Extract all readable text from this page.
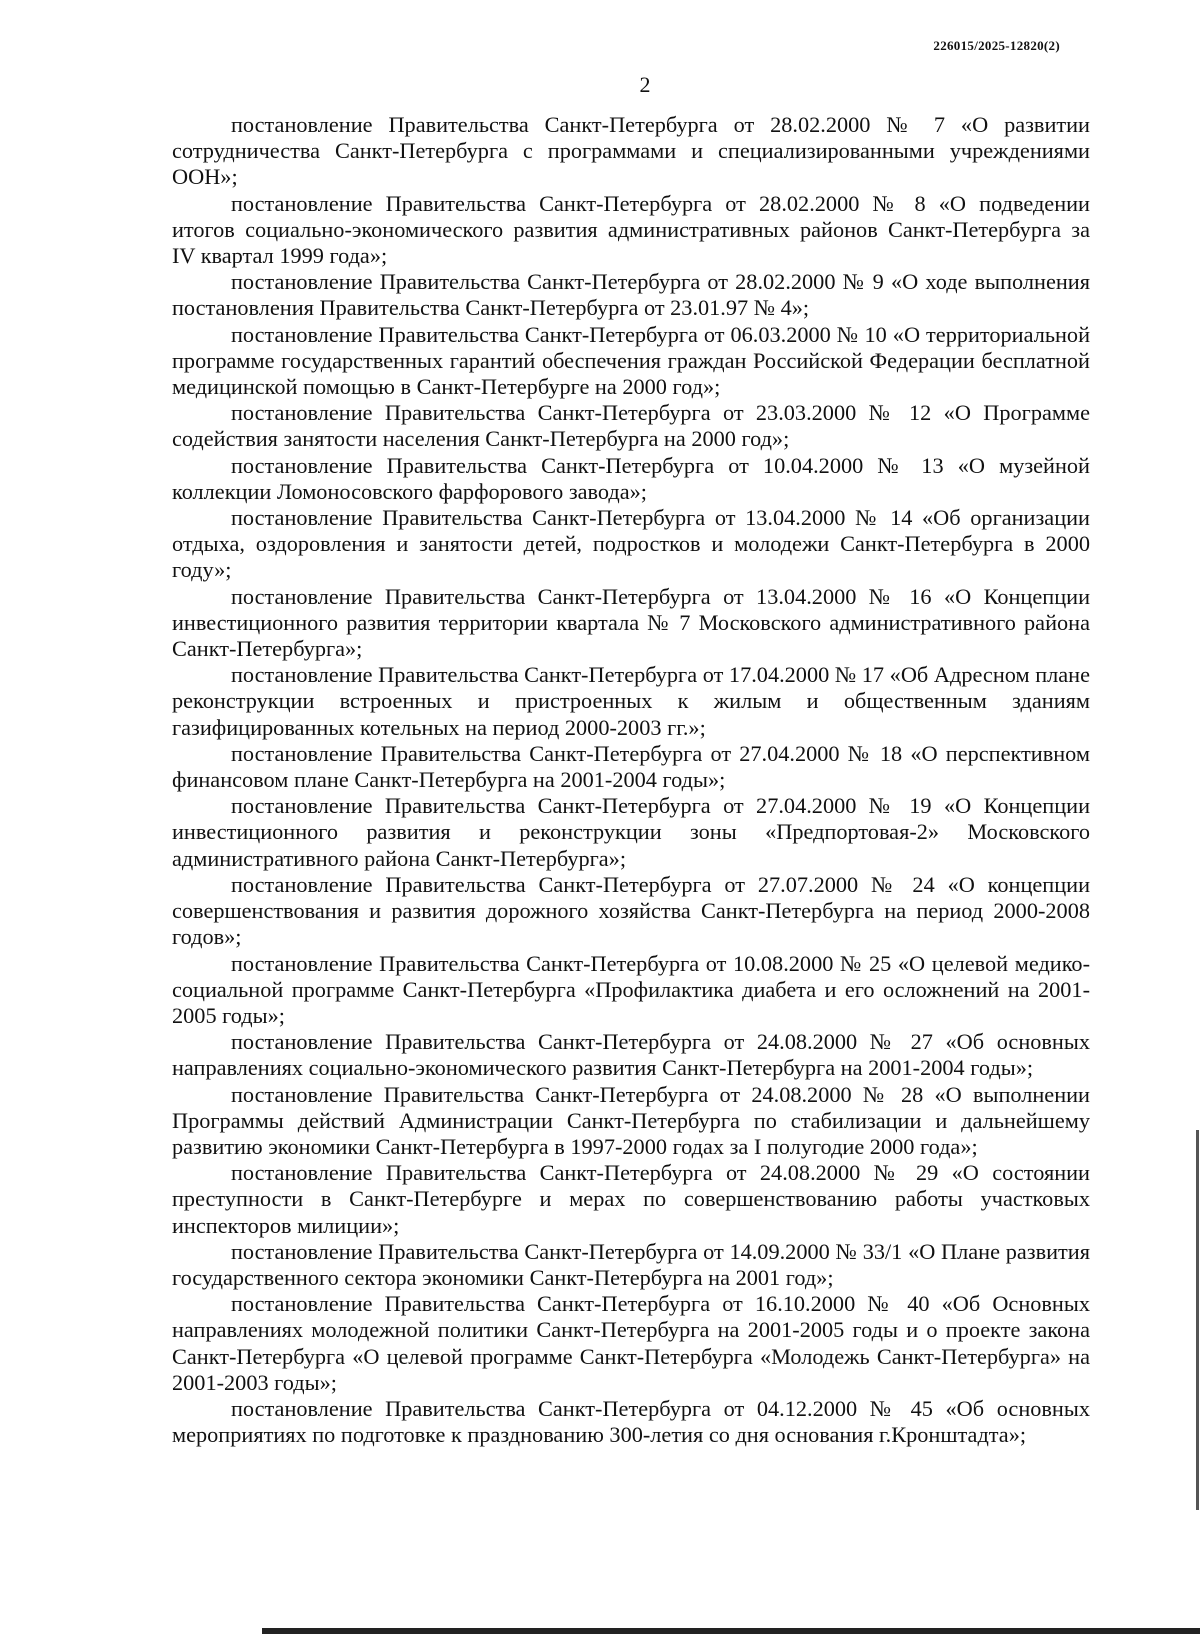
226015/2025-12820(2)
2

постановление Правительства Санкт-Петербурга от 28.02.2000 № 7 «О развитии сотрудничества Санкт-Петербурга с программами и специализированными учреждениями ООН»;

постановление Правительства Санкт-Петербурга от 28.02.2000 № 8 «О подведении итогов социально-экономического развития административных районов Санкт-Петербурга за IV квартал 1999 года»;

постановление Правительства Санкт-Петербурга от 28.02.2000 № 9 «О ходе выполнения постановления Правительства Санкт-Петербурга от 23.01.97 № 4»;

постановление Правительства Санкт-Петербурга от 06.03.2000 № 10 «О территориальной программе государственных гарантий обеспечения граждан Российской Федерации бесплатной медицинской помощью в Санкт-Петербурге на 2000 год»;

постановление Правительства Санкт-Петербурга от 23.03.2000 № 12 «О Программе содействия занятости населения Санкт-Петербурга на 2000 год»;

постановление Правительства Санкт-Петербурга от 10.04.2000 № 13 «О музейной коллекции Ломоносовского фарфорового завода»;

постановление Правительства Санкт-Петербурга от 13.04.2000 № 14 «Об организации отдыха, оздоровления и занятости детей, подростков и молодежи Санкт-Петербурга в 2000 году»;

постановление Правительства Санкт-Петербурга от 13.04.2000 № 16 «О Концепции инвестиционного развития территории квартала № 7 Московского административного района Санкт-Петербурга»;

постановление Правительства Санкт-Петербурга от 17.04.2000 № 17 «Об Адресном плане реконструкции встроенных и пристроенных к жилым и общественным зданиям газифицированных котельных на период 2000-2003 гг.»;

постановление Правительства Санкт-Петербурга от 27.04.2000 № 18 «О перспективном финансовом плане Санкт-Петербурга на 2001-2004 годы»;

постановление Правительства Санкт-Петербурга от 27.04.2000 № 19 «О Концепции инвестиционного развития и реконструкции зоны «Предпортовая-2» Московского административного района Санкт-Петербурга»;

постановление Правительства Санкт-Петербурга от 27.07.2000 № 24 «О концепции совершенствования и развития дорожного хозяйства Санкт-Петербурга на период 2000-2008 годов»;

постановление Правительства Санкт-Петербурга от 10.08.2000 № 25 «О целевой медико-социальной программе Санкт-Петербурга «Профилактика диабета и его осложнений на 2001-2005 годы»;

постановление Правительства Санкт-Петербурга от 24.08.2000 № 27 «Об основных направлениях социально-экономического развития Санкт-Петербурга на 2001-2004 годы»;

постановление Правительства Санкт-Петербурга от 24.08.2000 № 28 «О выполнении Программы действий Администрации Санкт-Петербурга по стабилизации и дальнейшему развитию экономики Санкт-Петербурга в 1997-2000 годах за I полугодие 2000 года»;

постановление Правительства Санкт-Петербурга от 24.08.2000 № 29 «О состоянии преступности в Санкт-Петербурге и мерах по совершенствованию работы участковых инспекторов милиции»;

постановление Правительства Санкт-Петербурга от 14.09.2000 № 33/1 «О Плане развития государственного сектора экономики Санкт-Петербурга на 2001 год»;

постановление Правительства Санкт-Петербурга от 16.10.2000 № 40 «Об Основных направлениях молодежной политики Санкт-Петербурга на 2001-2005 годы и о проекте закона Санкт-Петербурга «О целевой программе Санкт-Петербурга «Молодежь Санкт-Петербурга» на 2001-2003 годы»;

постановление Правительства Санкт-Петербурга от 04.12.2000 № 45 «Об основных мероприятиях по подготовке к празднованию 300-летия со дня основания г.Кронштадта»;
